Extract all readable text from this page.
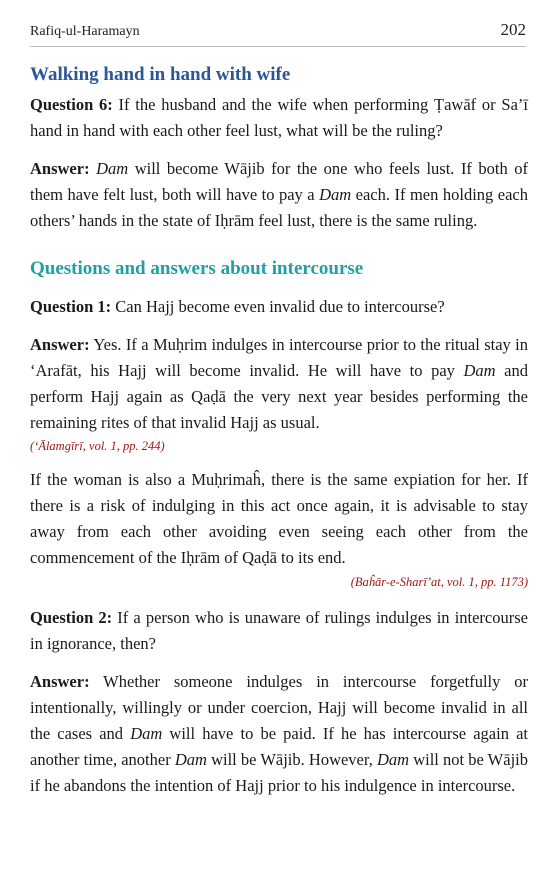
Rafiq-ul-Haramayn	202
Walking hand in hand with wife

Question 6: If the husband and the wife when performing Ṭawāf or Sa’ī hand in hand with each other feel lust, what will be the ruling?

Answer: Dam will become Wājib for the one who feels lust. If both of them have felt lust, both will have to pay a Dam each. If men holding each others’ hands in the state of Iḥrām feel lust, there is the same ruling.

Questions and answers about intercourse

Question 1: Can Hajj become even invalid due to intercourse?

Answer: Yes. If a Muḥrim indulges in intercourse prior to the ritual stay in ‘Arafāt, his Hajj will become invalid. He will have to pay Dam and perform Hajj again as Qaḍā the very next year besides performing the remaining rites of that invalid Hajj as usual.

(‘Ālamgīrī, vol. 1, pp. 244)

If the woman is also a Muḥrimaĥ, there is the same expiation for her. If there is a risk of indulging in this act once again, it is advisable to stay away from each other avoiding even seeing each other from the commencement of the Iḥrām of Qaḍā to its end.

(Baĥār-e-Sharī’at, vol. 1, pp. 1173)

Question 2: If a person who is unaware of rulings indulges in intercourse in ignorance, then?

Answer: Whether someone indulges in intercourse forgetfully or intentionally, willingly or under coercion, Hajj will become invalid in all the cases and Dam will have to be paid. If he has intercourse again at another time, another Dam will be Wājib. However, Dam will not be Wājib if he abandons the intention of Hajj prior to his indulgence in intercourse.
